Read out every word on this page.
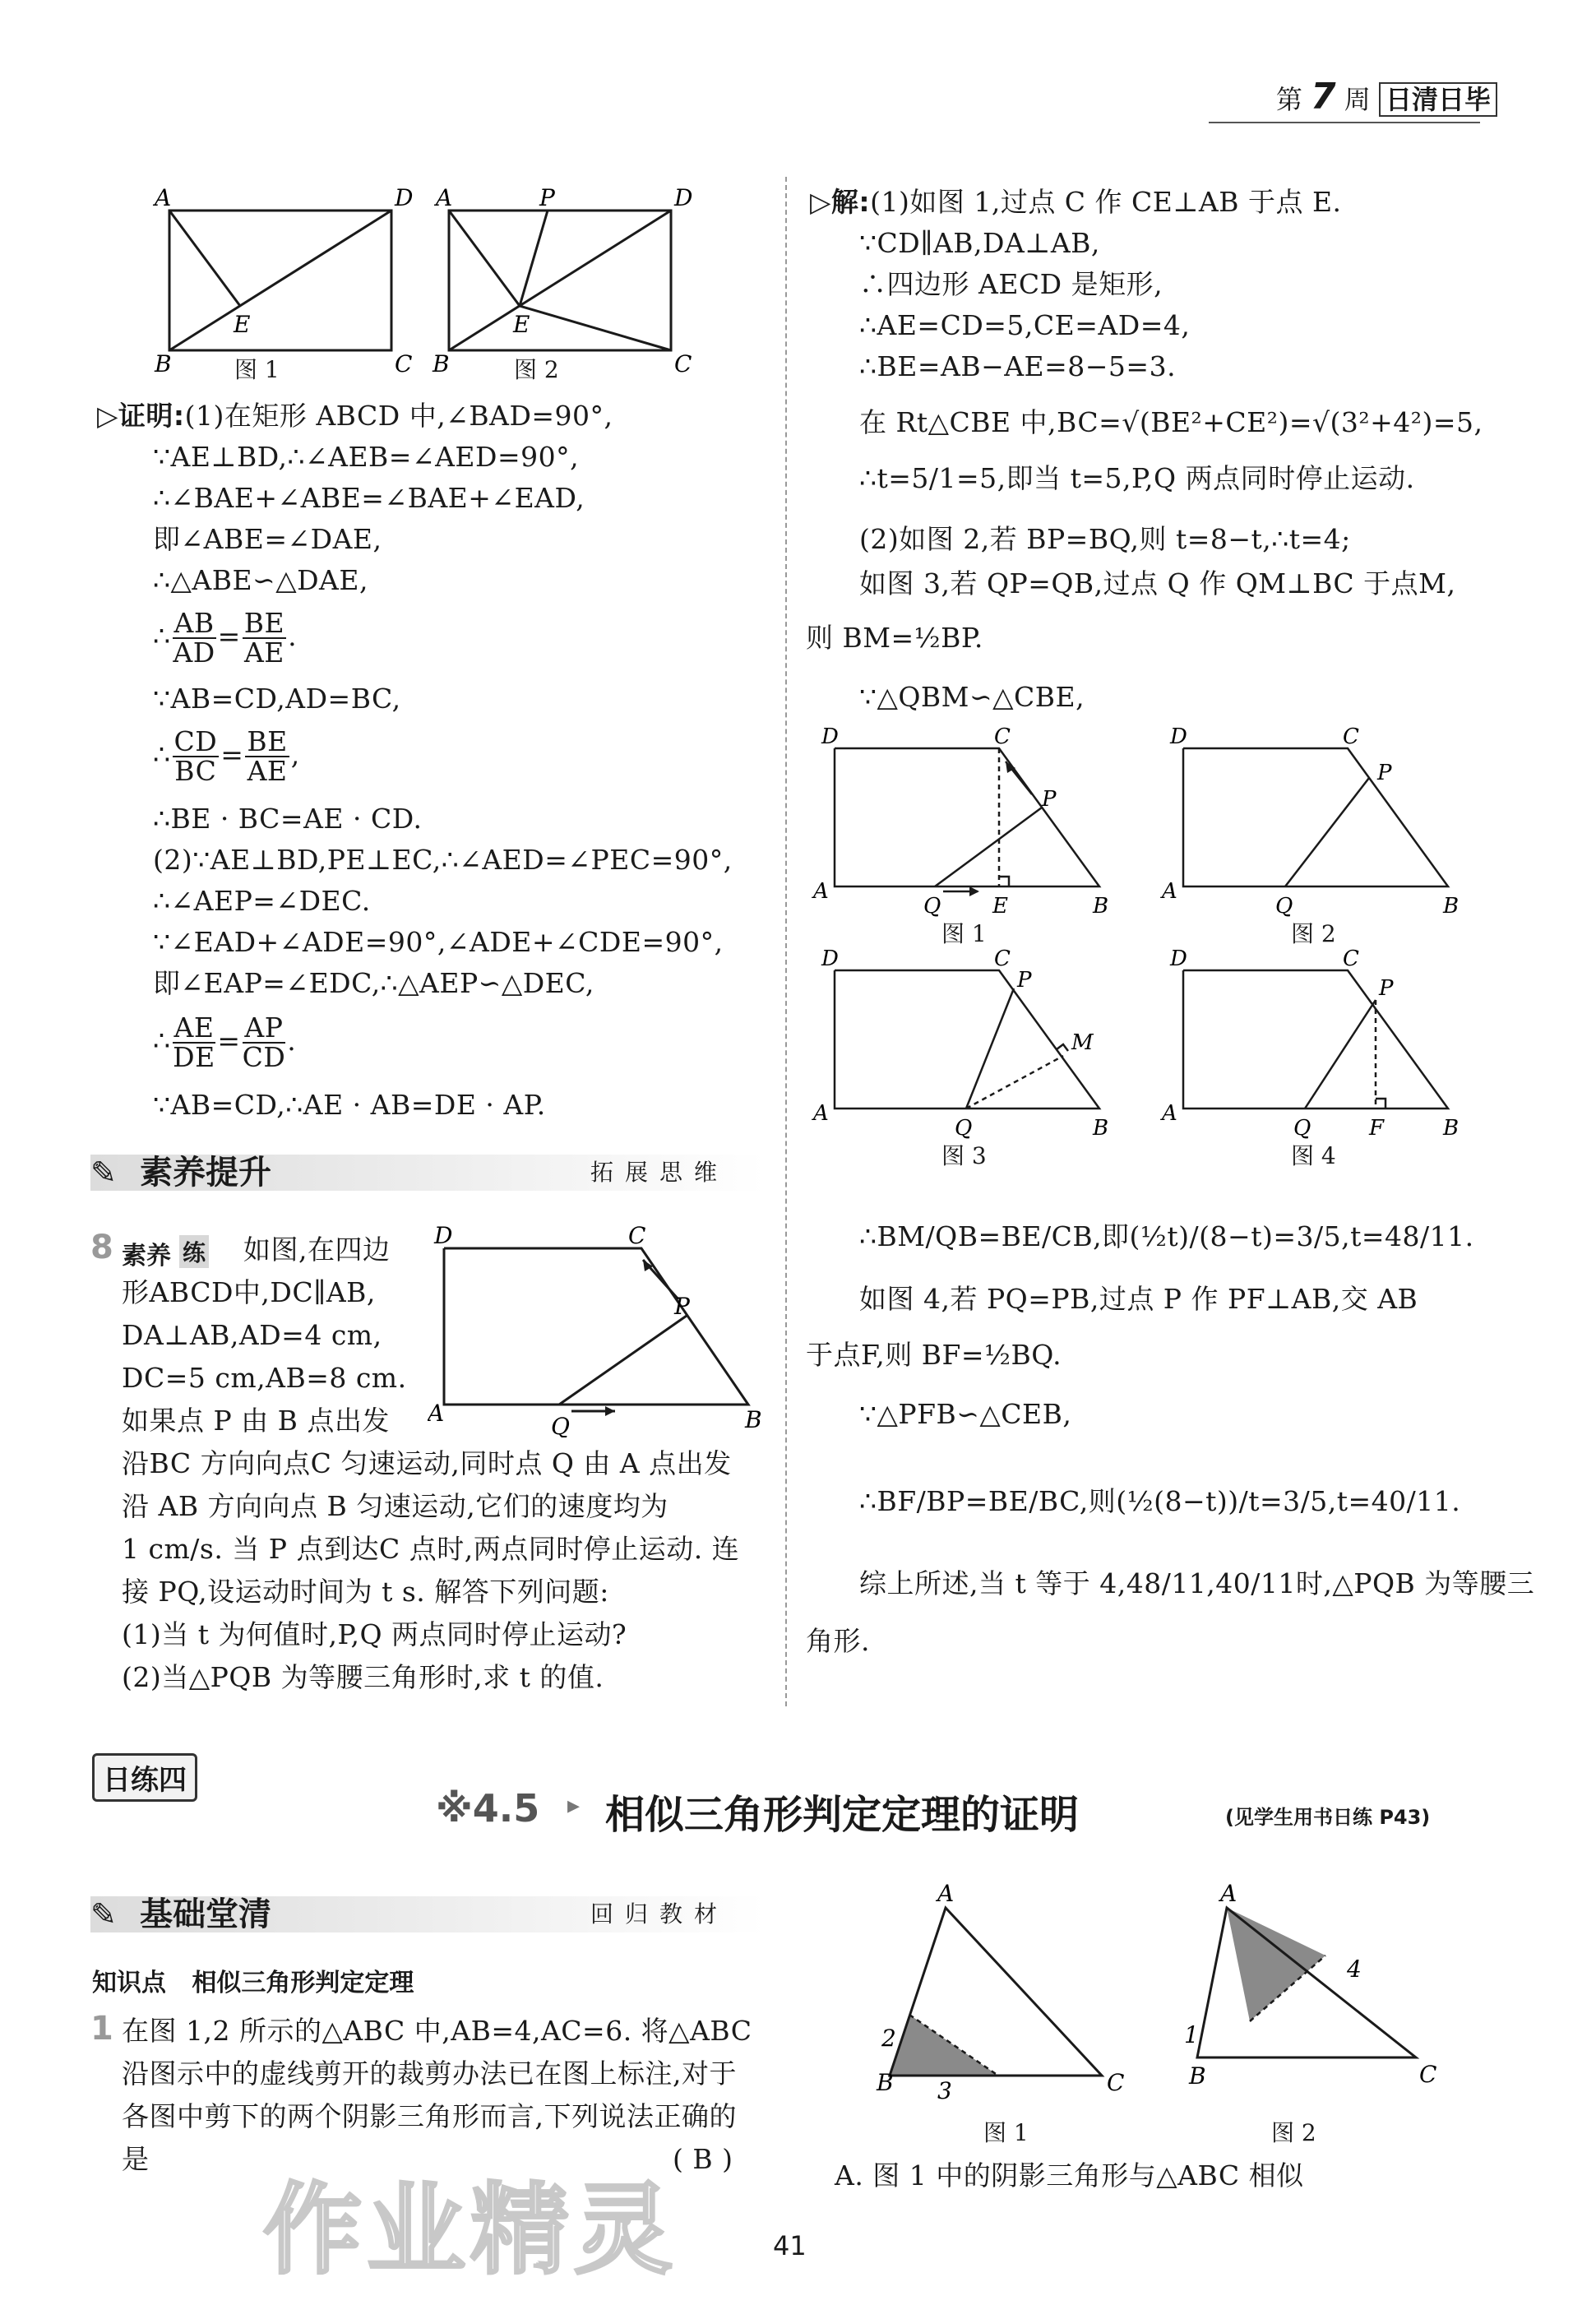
第 7 周 日清日毕
A	D
B	C
E
A	P	D
B	C
E
图 1	图 2
▷证明:(1)在矩形 ABCD 中,∠BAD=90°,
∵AE⊥BD,∴∠AEB=∠AED=90°,
∴∠BAE+∠ABE=∠BAE+∠EAD,
即∠ABE=∠DAE,
∴△ABE∽△DAE,
∴ $\frac{AB}{AD} = \frac{BE}{AE}$ .
∵AB=CD,AD=BC,
∴ $\frac{CD}{BC} = \frac{BE}{AE}$ ,
∴BE · BC=AE · CD.
(2)∵AE⊥BD,PE⊥EC,∴∠AED=∠PEC=90°,
∴∠AEP=∠DEC.
∵∠EAD+∠ADE=90°,∠ADE+∠CDE=90°,
即∠EAP=∠EDC,∴△AEP∽△DEC,
∴ $\frac{AE}{DE} = \frac{AP}{CD}$ .
∵AB=CD,∴AE · AB=DE · AP.
✎ 素养提升	拓展思维
8 素养 练 如图,在四边
形ABCD中,DC∥AB,
DA⊥AB,AD=4 cm,
DC=5 cm,AB=8 cm.
如果点 P 由 B 点出发
沿BC 方向向点C 匀速运动,同时点 Q 由 A 点出发
沿 AB 方向向点 B 匀速运动,它们的速度均为
1 cm/s. 当 P 点到达C 点时,两点同时停止运动. 连
接 PQ,设运动时间为 t s. 解答下列问题:
(1)当 t 为何值时,P,Q 两点同时停止运动?
(2)当△PQB 为等腰三角形时,求 t 的值.
D	C
P
A	Q	B
▷解:(1)如图 1,过点 C 作 CE⊥AB 于点 E.
∵CD∥AB,DA⊥AB,
∴四边形 AECD 是矩形,
∴AE=CD=5,CE=AD=4,
∴BE=AB−AE=8−5=3.
在 Rt△CBE 中,BC=√(BE²+CE²)=√(3²+4²)=5,
∴t=5/1=5,即当 t=5,P,Q 两点同时停止运动.
(2)如图 2,若 BP=BQ,则 t=8−t,∴t=4;
如图 3,若 QP=QB,过点 Q 作 QM⊥BC 于点M,
则 BM=½BP.
∵△QBM∽△CBE,
D	C
P
A
Q E	B
D	C
P
A
Q	B
D	C
P
M
A
Q	B
D	C
P
A
Q	F	B
图 1	图 2
图 3	图 4
∴BM/QB=BE/CB,即(½t)/(8−t)=3/5,t=48/11.
如图 4,若 PQ=PB,过点 P 作 PF⊥AB,交 AB
于点F,则 BF=½BQ.
∵△PFB∽△CEB,
∴BF/BP=BE/BC,则(½(8−t))/t=3/5,t=40/11.
综上所述,当 t 等于 4,48/11,40/11时,△PQB 为等腰三
角形.
日练四
※4.5 ▸ 相似三角形判定定理的证明	(见学生用书日练 P43)
✎ 基础堂清	回归教材
知识点   相似三角形判定定理
1 在图 1,2 所示的△ABC 中,AB=4,AC=6. 将△ABC
沿图示中的虚线剪开的裁剪办法已在图上标注,对于
各图中剪下的两个阴影三角形而言,下列说法正确的
是	( B )
A
B	C
2
3
A
B	C
1
4
图 1	图 2
A. 图 1 中的阴影三角形与△ABC 相似
41
作业精灵
